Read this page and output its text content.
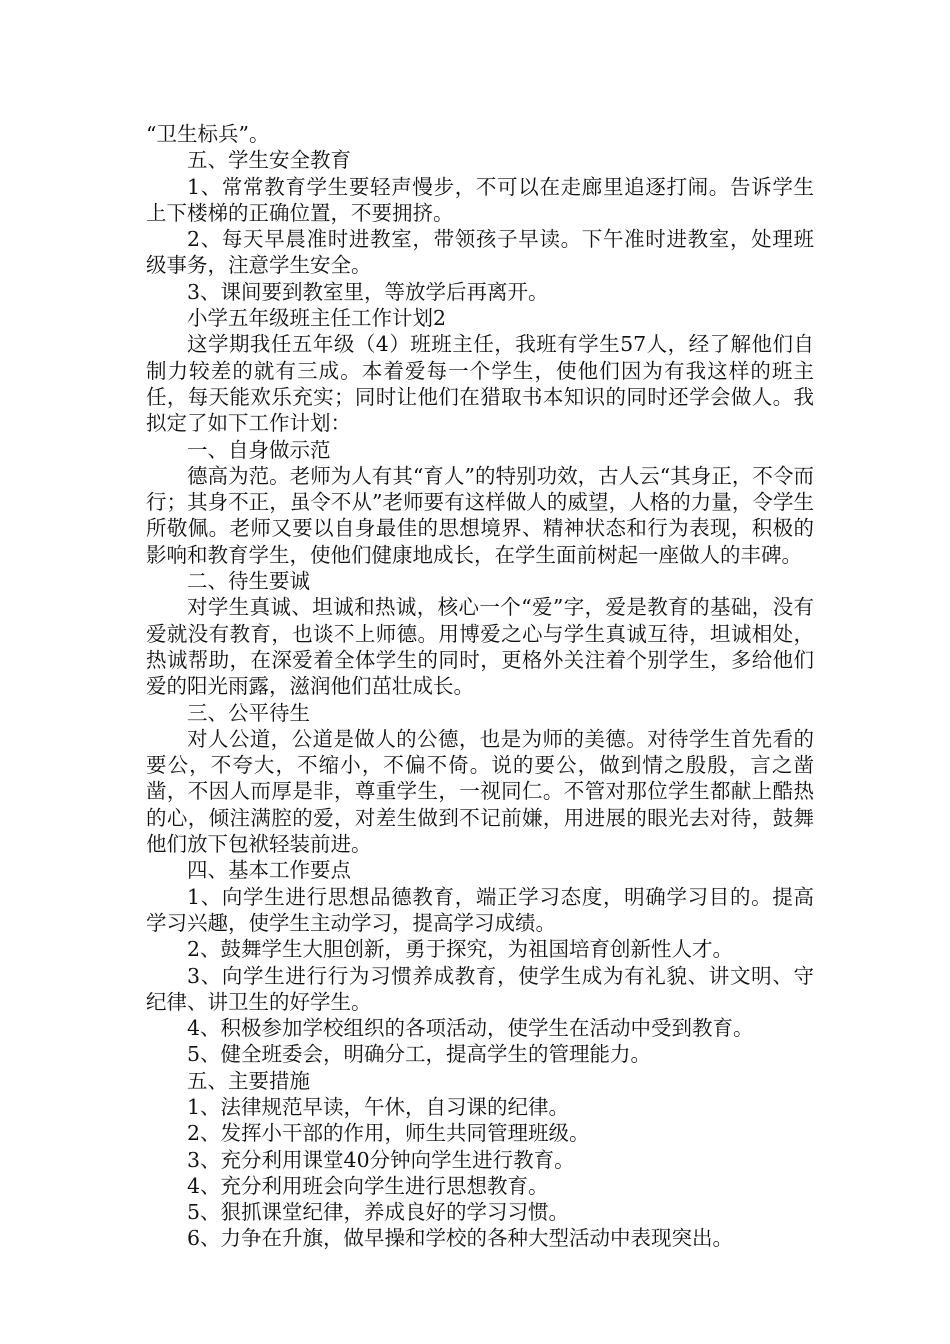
“卫生标兵”。

五、学生安全教育

1、常常教育学生要轻声慢步，不可以在走廊里追逐打闹。告诉学生上下楼梯的正确位置，不要拥挤。

2、每天早晨准时进教室，带领孩子早读。下午准时进教室，处理班级事务，注意学生安全。

3、课间要到教室里，等放学后再离开。

小学五年级班主任工作计划2

这学期我任五年级（4）班班主任，我班有学生57人，经了解他们自制力较差的就有三成。本着爱每一个学生，使他们因为有我这样的班主任，每天能欢乐充实；同时让他们在猎取书本知识的同时还学会做人。我拟定了如下工作计划：

一、自身做示范

德高为范。老师为人有其“育人”的特别功效，古人云“其身正，不令而行；其身不正，虽令不从”老师要有这样做人的威望，人格的力量，令学生所敬佩。老师又要以自身最佳的思想境界、精神状态和行为表现，积极的影响和教育学生，使他们健康地成长，在学生面前树起一座做人的丰碑。

二、待生要诚

对学生真诚、坦诚和热诚，核心一个“爱”字，爱是教育的基础，没有爱就没有教育，也谈不上师德。用博爱之心与学生真诚互待，坦诚相处，热诚帮助，在深爱着全体学生的同时，更格外关注着个别学生，多给他们爱的阳光雨露，滋润他们茁壮成长。

三、公平待生

对人公道，公道是做人的公德，也是为师的美德。对待学生首先看的要公，不夸大，不缩小，不偏不倚。说的要公，做到情之殷殷，言之凿凿，不因人而厚是非，尊重学生，一视同仁。不管对那位学生都献上酷热的心，倾注满腔的爱，对差生做到不记前嫌，用进展的眼光去对待，鼓舞他们放下包袱轻装前进。

四、基本工作要点

1、向学生进行思想品德教育，端正学习态度，明确学习目的。提高学习兴趣，使学生主动学习，提高学习成绩。

2、鼓舞学生大胆创新，勇于探究，为祖国培育创新性人才。

3、向学生进行行为习惯养成教育，使学生成为有礼貌、讲文明、守纪律、讲卫生的好学生。

4、积极参加学校组织的各项活动，使学生在活动中受到教育。

5、健全班委会，明确分工，提高学生的管理能力。

五、主要措施

1、法律规范早读，午休，自习课的纪律。

2、发挥小干部的作用，师生共同管理班级。

3、充分利用课堂40分钟向学生进行教育。

4、充分利用班会向学生进行思想教育。

5、狠抓课堂纪律，养成良好的学习习惯。

6、力争在升旗，做早操和学校的各种大型活动中表现突出。
